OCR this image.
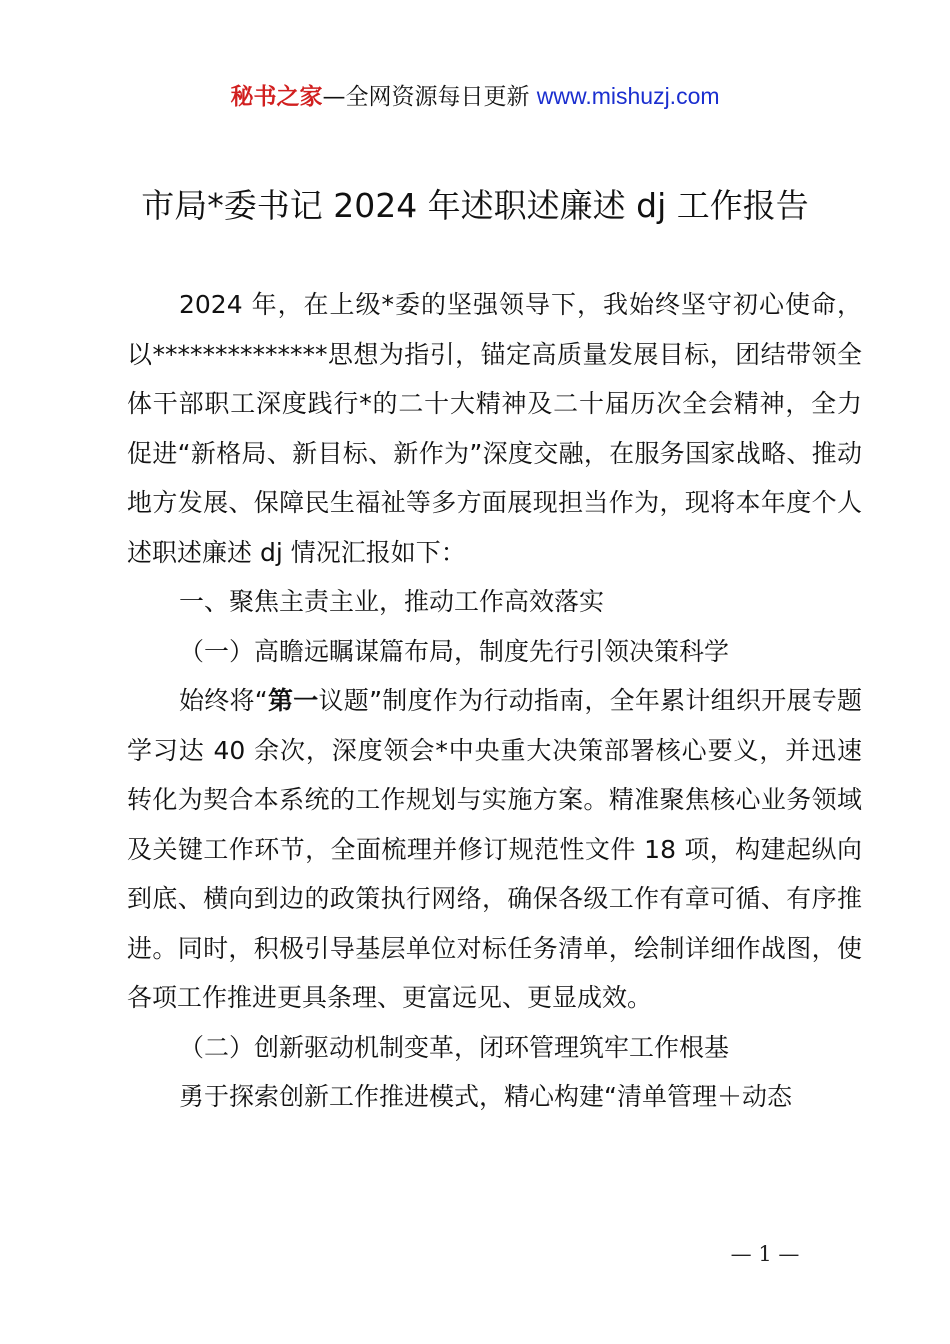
秘书之家—全网资源每日更新 www.mishuzj.com
市局*委书记 2024 年述职述廉述 dj 工作报告

2024 年，在上级*委的坚强领导下，我始终坚守初心使命，以**************思想为指引，锚定高质量发展目标，团结带领全体干部职工深度践行*的二十大精神及二十届历次全会精神，全力促进“新格局、新目标、新作为”深度交融，在服务国家战略、推动地方发展、保障民生福祉等多方面展现担当作为，现将本年度个人述职述廉述 dj 情况汇报如下：

一、聚焦主责主业，推动工作高效落实

（一）高瞻远瞩谋篇布局，制度先行引领决策科学

始终将“第一议题”制度作为行动指南，全年累计组织开展专题学习达 40 余次，深度领会*中央重大决策部署核心要义，并迅速转化为契合本系统的工作规划与实施方案。精准聚焦核心业务领域及关键工作环节，全面梳理并修订规范性文件 18 项，构建起纵向到底、横向到边的政策执行网络，确保各级工作有章可循、有序推进。同时，积极引导基层单位对标任务清单，绘制详细作战图，使各项工作推进更具条理、更富远见、更显成效。

（二）创新驱动机制变革，闭环管理筑牢工作根基

勇于探索创新工作推进模式，精心构建“清单管理＋动态

— 1 —
